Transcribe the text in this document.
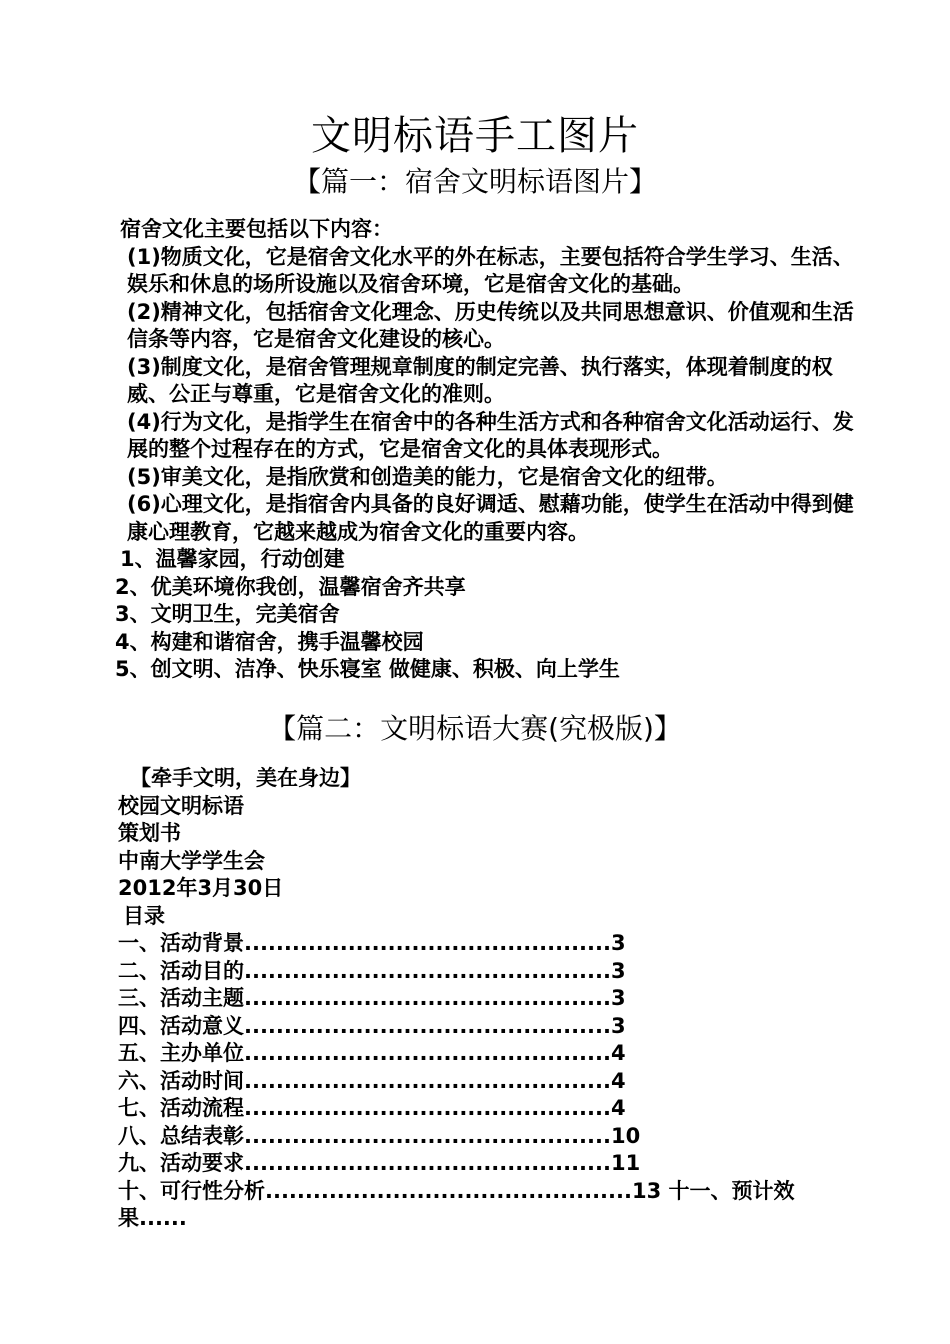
文明标语手工图片
【篇一：宿舍文明标语图片】

宿舍文化主要包括以下内容：

(1)物质文化，它是宿舍文化水平的外在标志，主要包括符合学生学习、生活、娱乐和休息的场所设施以及宿舍环境，它是宿舍文化的基础。

(2)精神文化，包括宿舍文化理念、历史传统以及共同思想意识、价值观和生活信条等内容，它是宿舍文化建设的核心。

(3)制度文化，是宿舍管理规章制度的制定完善、执行落实，体现着制度的权威、公正与尊重，它是宿舍文化的准则。

(4)行为文化，是指学生在宿舍中的各种生活方式和各种宿舍文化活动运行、发展的整个过程存在的方式，它是宿舍文化的具体表现形式。

(5)审美文化，是指欣赏和创造美的能力，它是宿舍文化的纽带。

(6)心理文化，是指宿舍内具备的良好调适、慰藉功能，使学生在活动中得到健康心理教育，它越来越成为宿舍文化的重要内容。

1、温馨家园，行动创建

2、优美环境你我创，温馨宿舍齐共享

3、文明卫生，完美宿舍

4、构建和谐宿舍，携手温馨校园

5、创文明、洁净、快乐寝室 做健康、积极、向上学生

【篇二：文明标语大赛(究极版)】

【牵手文明，美在身边】

校园文明标语

策划书

中南大学学生会

2012年3月30日

目录

一、活动背景..............................................3

二、活动目的..............................................3

三、活动主题..............................................3

四、活动意义..............................................3

五、主办单位..............................................4

六、活动时间..............................................4

七、活动流程..............................................4

八、总结表彰..............................................10

九、活动要求..............................................11

十、可行性分析..............................................13 十一、预计效果......
